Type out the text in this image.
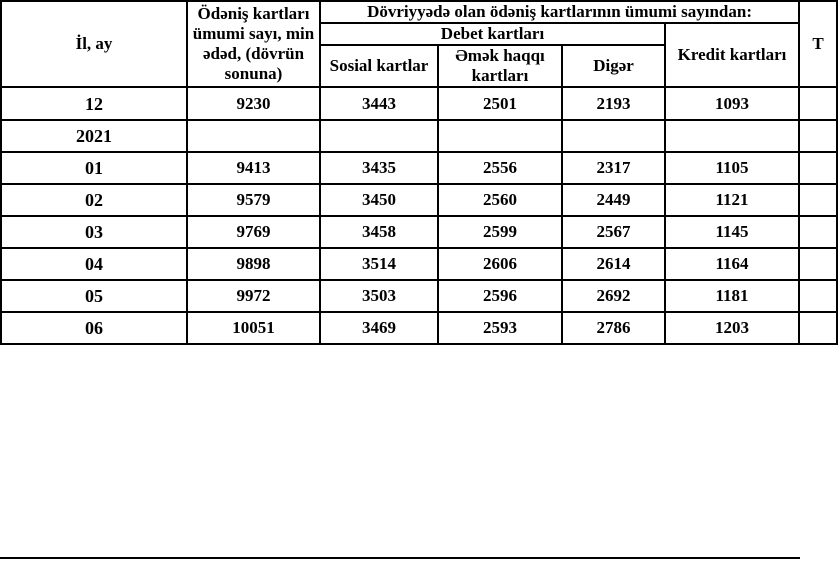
İl, ay	Ödəniş kartları ümumi sayı, min ədəd, (dövrün sonuna)	Dövriyyədə olan ödəniş kartlarının ümumi sayından:				T
		Debet kartları			Kredit kartları	
		Sosial kartlar	Əmək haqqı kartları	Digər		
12	9230	3443	2501	2193	1093	
2021						
01	9413	3435	2556	2317	1105	
02	9579	3450	2560	2449	1121	
03	9769	3458	2599	2567	1145	
04	9898	3514	2606	2614	1164	
05	9972	3503	2596	2692	1181	
06	10051	3469	2593	2786	1203	
